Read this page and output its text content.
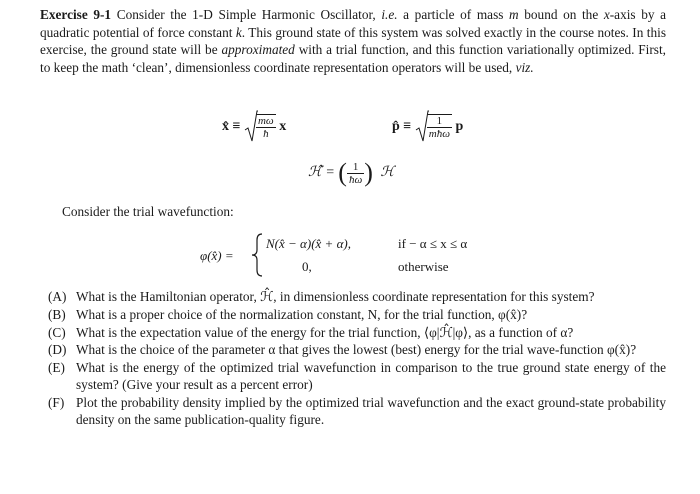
Exercise 9-1 Consider the 1-D Simple Harmonic Oscillator, i.e. a particle of mass m bound on the x-axis by a quadratic potential of force constant k. This ground state of this system was solved exactly in the course notes. In this exercise, the ground state will be approximated with a trial function, and this function variationally optimized. First, to keep the math ‘clean’, dimensionless coordinate representation operators will be used, viz.
x̂ ≡ $\frac{m\omega}{ħ}$ x	p̂ ≡ $\frac{1}{\text{mħω}}$ p
ℋ̂ = ( $\frac{1}{ħ\omega}$ ) ℋ
Consider the trial wavefunction:
φ(x̂) =
N(x̂ − α)(x̂ + α),	if − α ≤ x ≤ α
0,	otherwise
(A) What is the Hamiltonian operator, ℋ̂, in dimensionless coordinate representation for this system?
(B) What is a proper choice of the normalization constant, N, for the trial function, φ(x̂)?
(C) What is the expectation value of the energy for the trial function, ⟨φ|ℋ̂|φ⟩, as a function of α?
(D) What is the choice of the parameter α that gives the lowest (best) energy for the trial wave-function φ(x̂)?
(E) What is the energy of the optimized trial wavefunction in comparison to the true ground state energy of the system? (Give your result as a percent error)
(F) Plot the probability density implied by the optimized trial wavefunction and the exact ground-state probability density on the same publication-quality figure.
